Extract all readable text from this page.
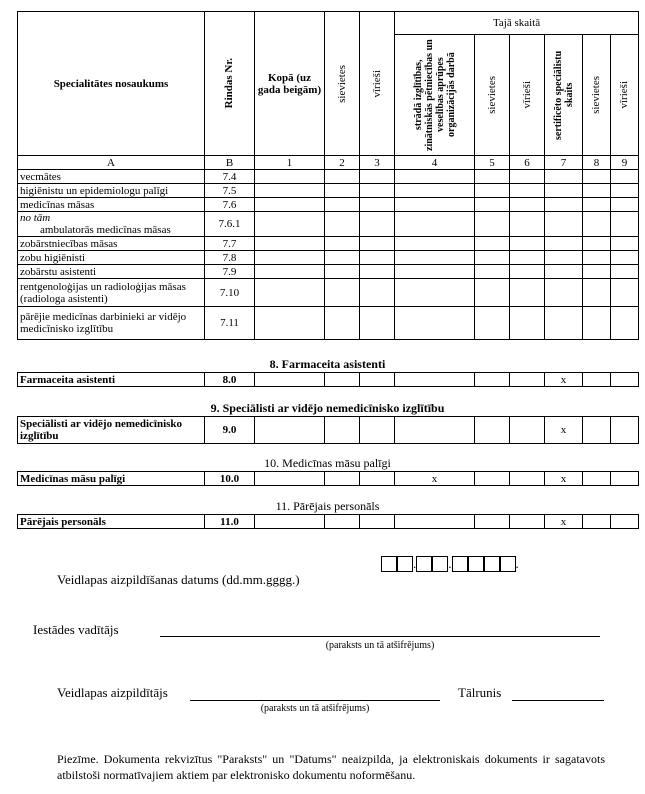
Specialitātes nosaukums	Rindas Nr.	Kopā (uz gada beigām)	sievietes	vīrieši	Tajā skaitā					

					strādā izglītības, zinātniskās pētniecības un veselības aprūpes organizācijās darbā	sievietes	vīrieši	sertificēto speciālistu skaits	sievietes	vīrieši

A	B	1	2	3	4	5	6	7	8	9
vecmātes	7.4									
higiēnistu un epidemiologu palīgi	7.5									
medicīnas māsas	7.6									
no tām
ambulatorās medicīnas māsas	7.6.1									
zobārstniecības māsas	7.7									
zobu higiēnisti	7.8									
zobārstu asistenti	7.9									
rentgenoloģijas un radioloģijas māsas (radiologa asistenti)	7.10									
pārējie medicīnas darbinieki ar vidējo medicīnisko izglītību	7.11									
8. Farmaceita asistenti
Farmaceita asistenti	8.0							x		
9. Speciālisti ar vidējo nemedicīnisko izglītību
Speciālisti ar vidējo nemedicīnisko izglītību	9.0							x		
10. Medicīnas māsu palīgi
Medicīnas māsu palīgi	10.0				x			x		
11. Pārējais personāls
Pārējais personāls	11.0							x		
. .	.
Veidlapas aizpildīšanas datums (dd.mm.gggg.)
Iestādes vadītājs
(paraksts un tā atšifrējums)
Veidlapas aizpildītājs
(paraksts un tā atšifrējums)
Tālrunis
Piezīme. Dokumenta rekvizītus "Paraksts" un "Datums" neaizpilda, ja elektroniskais dokuments ir sagatavots atbilstoši normatīvajiem aktiem par elektronisko dokumentu noformēšanu.
